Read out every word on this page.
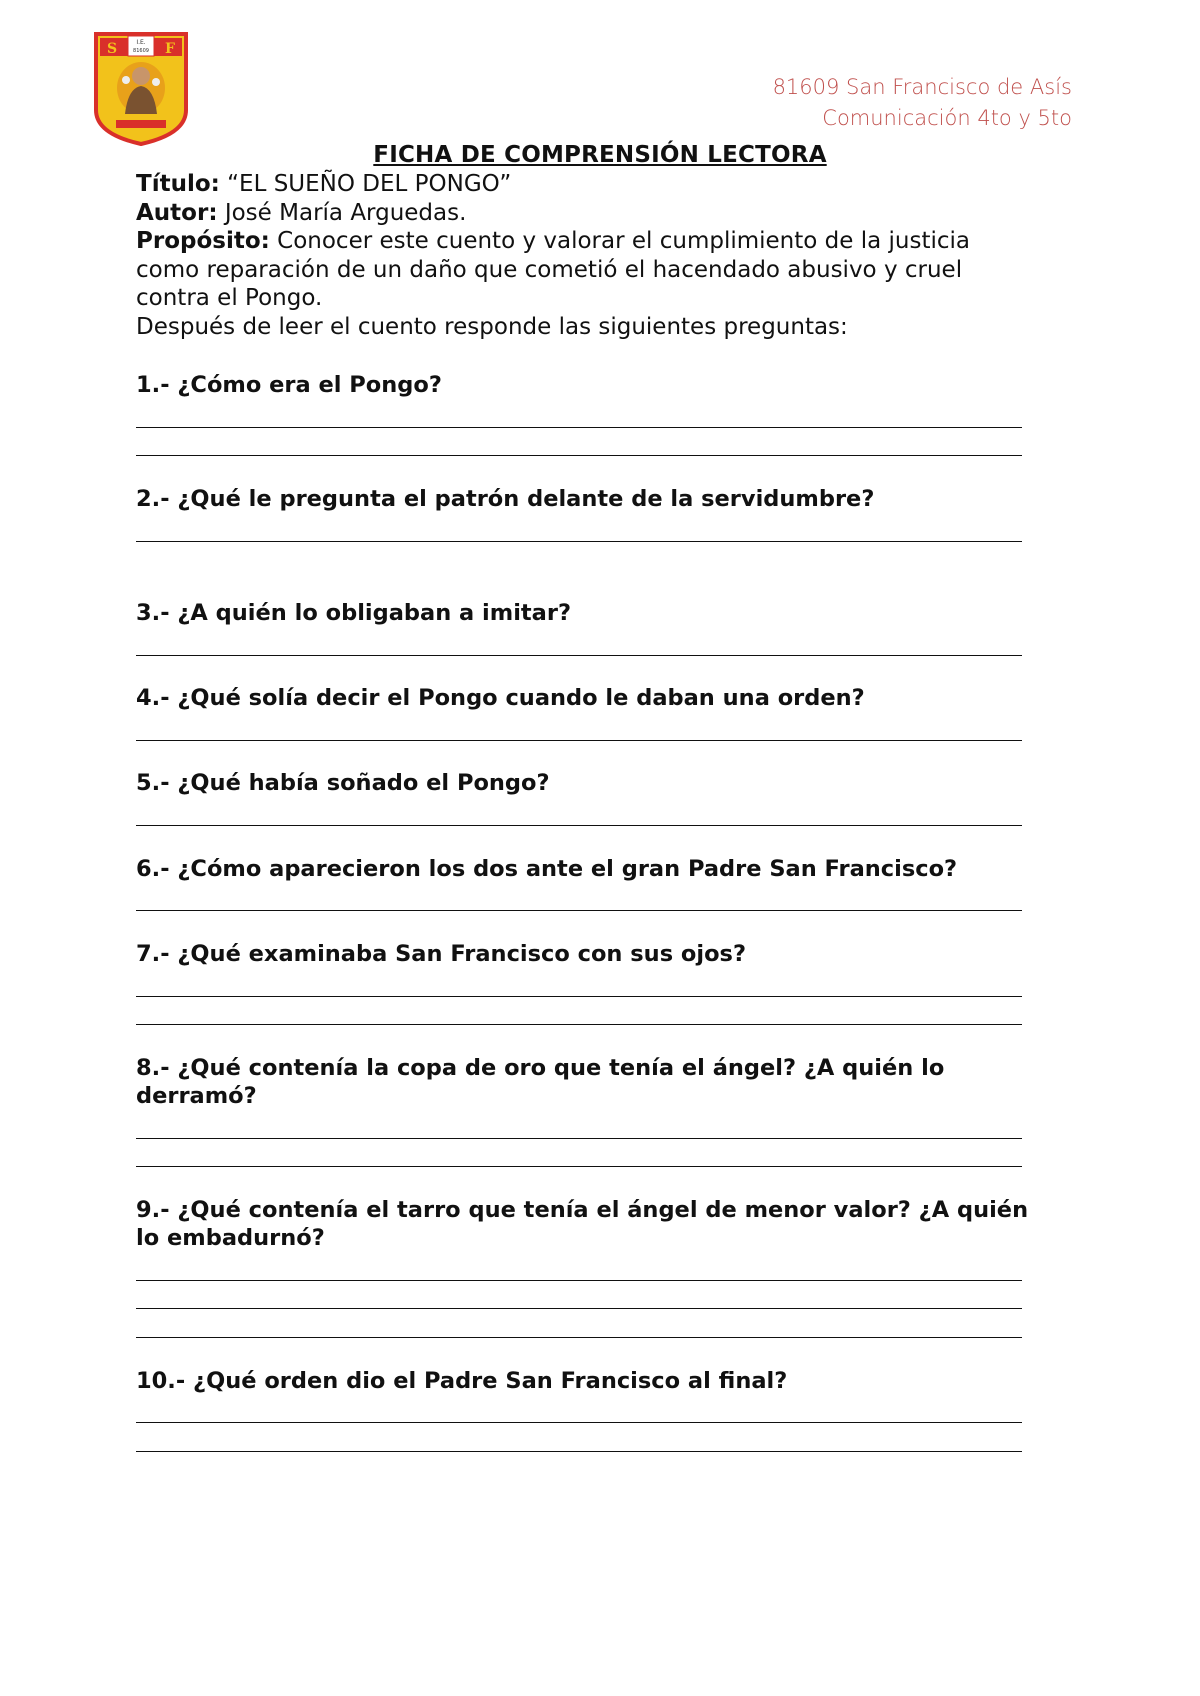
I.E.
81609
S	F
81609 San Francisco de Asís
Comunicación 4to y 5to
FICHA DE COMPRENSIÓN LECTORA
Título: “EL SUEÑO DEL PONGO”
Autor: José María Arguedas.
Propósito: Conocer este cuento y valorar el cumplimiento de la justicia como reparación de un daño que cometió el hacendado abusivo y cruel contra el Pongo.
Después de leer el cuento responde las siguientes preguntas:
1.- ¿Cómo era el Pongo?
2.- ¿Qué le pregunta el patrón delante de la servidumbre?
3.- ¿A quién lo obligaban a imitar?
4.- ¿Qué solía decir el Pongo cuando le daban una orden?
5.- ¿Qué había soñado el Pongo?
6.- ¿Cómo aparecieron los dos ante el gran Padre San Francisco?
7.- ¿Qué examinaba San Francisco con sus ojos?
8.- ¿Qué contenía la copa de oro que tenía el ángel? ¿A quién lo derramó?
9.- ¿Qué contenía el tarro que tenía el ángel de menor valor? ¿A quién lo embadurnó?
10.- ¿Qué orden dio el Padre San Francisco al final?
